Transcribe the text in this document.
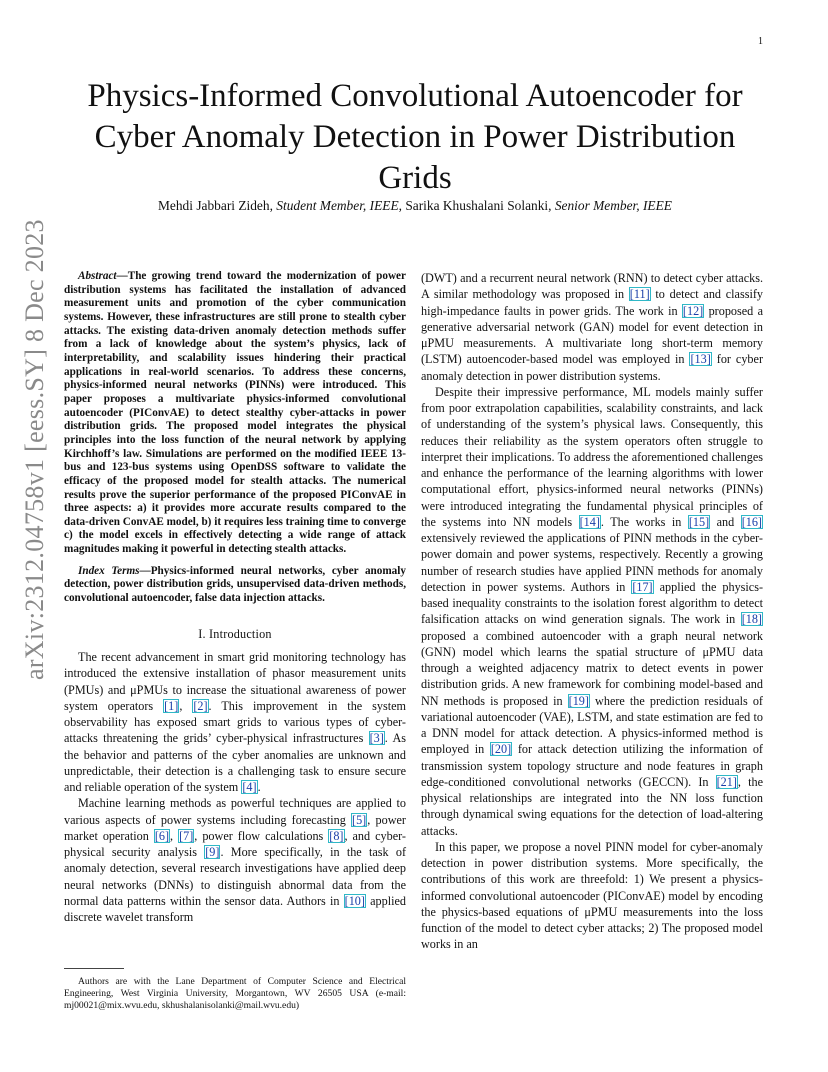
1
Physics-Informed Convolutional Autoencoder for Cyber Anomaly Detection in Power Distribution Grids
Mehdi Jabbari Zideh, Student Member, IEEE, Sarika Khushalani Solanki, Senior Member, IEEE
arXiv:2312.04758v1 [eess.SY] 8 Dec 2023	Abstract—The growing trend toward the modernization of power distribution systems has facilitated the installation of advanced measurement units and promotion of the cyber communication systems. However, these infrastructures are still prone to stealth cyber attacks. The existing data-driven anomaly detection methods suffer from a lack of knowledge about the system’s physics, lack of interpretability, and scalability issues hindering their practical applications in real-world scenarios. To address these concerns, physics-informed neural networks (PINNs) were introduced. This paper proposes a multivariate physics-informed convolutional autoencoder (PIConvAE) to detect stealthy cyber-attacks in power distribution grids. The proposed model integrates the physical principles into the loss function of the neural network by applying Kirchhoff’s law. Simulations are performed on the modified IEEE 13-bus and 123-bus systems using OpenDSS software to validate the efficacy of the proposed model for stealth attacks. The numerical results prove the superior performance of the proposed PIConvAE in three aspects: a) it provides more accurate results compared to the data-driven ConvAE model, b) it requires less training time to converge c) the model excels in effectively detecting a wide range of attack magnitudes making it powerful in detecting stealth attacks.

Index Terms—Physics-informed neural networks, cyber anomaly detection, power distribution grids, unsupervised data-driven methods, convolutional autoencoder, false data injection attacks.

I. Introduction

The recent advancement in smart grid monitoring technology has introduced the extensive installation of phasor measurement units (PMUs) and μPMUs to increase the situational awareness of power system operators [1], [2]. This improvement in the system observability has exposed smart grids to various types of cyber-attacks threatening the grids’ cyber-physical infrastructures [3]. As the behavior and patterns of the cyber anomalies are unknown and unpredictable, their detection is a challenging task to ensure secure and reliable operation of the system [4].

Machine learning methods as powerful techniques are applied to various aspects of power systems including forecasting [5], power market operation [6], [7], power flow calculations [8], and cyber-physical security analysis [9]. More specifically, in the task of anomaly detection, several research investigations have applied deep neural networks (DNNs) to distinguish abnormal data from the normal data patterns within the sensor data. Authors in [10] applied discrete wavelet transform

Authors are with the Lane Department of Computer Science and Electrical Engineering, West Virginia University, Morgantown, WV 26505 USA (e-mail: mj00021@mix.wvu.edu, skhushalanisolanki@mail.wvu.edu)

(DWT) and a recurrent neural network (RNN) to detect cyber attacks. A similar methodology was proposed in [11] to detect and classify high-impedance faults in power grids. The work in [12] proposed a generative adversarial network (GAN) model for event detection in μPMU measurements. A multivariate long short-term memory (LSTM) autoencoder-based model was employed in [13] for cyber anomaly detection in power distribution systems.

Despite their impressive performance, ML models mainly suffer from poor extrapolation capabilities, scalability constraints, and lack of understanding of the system’s physical laws. Consequently, this reduces their reliability as the system operators often struggle to interpret their implications. To address the aforementioned challenges and enhance the performance of the learning algorithms with lower computational effort, physics-informed neural networks (PINNs) were introduced integrating the fundamental physical principles of the systems into NN models [14]. The works in [15] and [16] extensively reviewed the applications of PINN methods in the cyber-power domain and power systems, respectively. Recently a growing number of research studies have applied PINN methods for anomaly detection in power systems. Authors in [17] applied the physics-based inequality constraints to the isolation forest algorithm to detect falsification attacks on wind generation signals. The work in [18] proposed a combined autoencoder with a graph neural network (GNN) model which learns the spatial structure of μPMU data through a weighted adjacency matrix to detect events in power distribution grids. A new framework for combining model-based and NN methods is proposed in [19] where the prediction residuals of variational autoencoder (VAE), LSTM, and state estimation are fed to a DNN model for attack detection. A physics-informed method is employed in [20] for attack detection utilizing the information of transmission system topology structure and node features in graph edge-conditioned convolutional networks (GECCN). In [21], the physical relationships are integrated into the NN loss function through dynamical swing equations for the detection of load-altering attacks.

In this paper, we propose a novel PINN model for cyber-anomaly detection in power distribution systems. More specifically, the contributions of this work are threefold: 1) We present a physics-informed convolutional autoencoder (PIConvAE) model by encoding the physics-based equations of μPMU measurements into the loss function of the model to detect cyber attacks; 2) The proposed model works in an
